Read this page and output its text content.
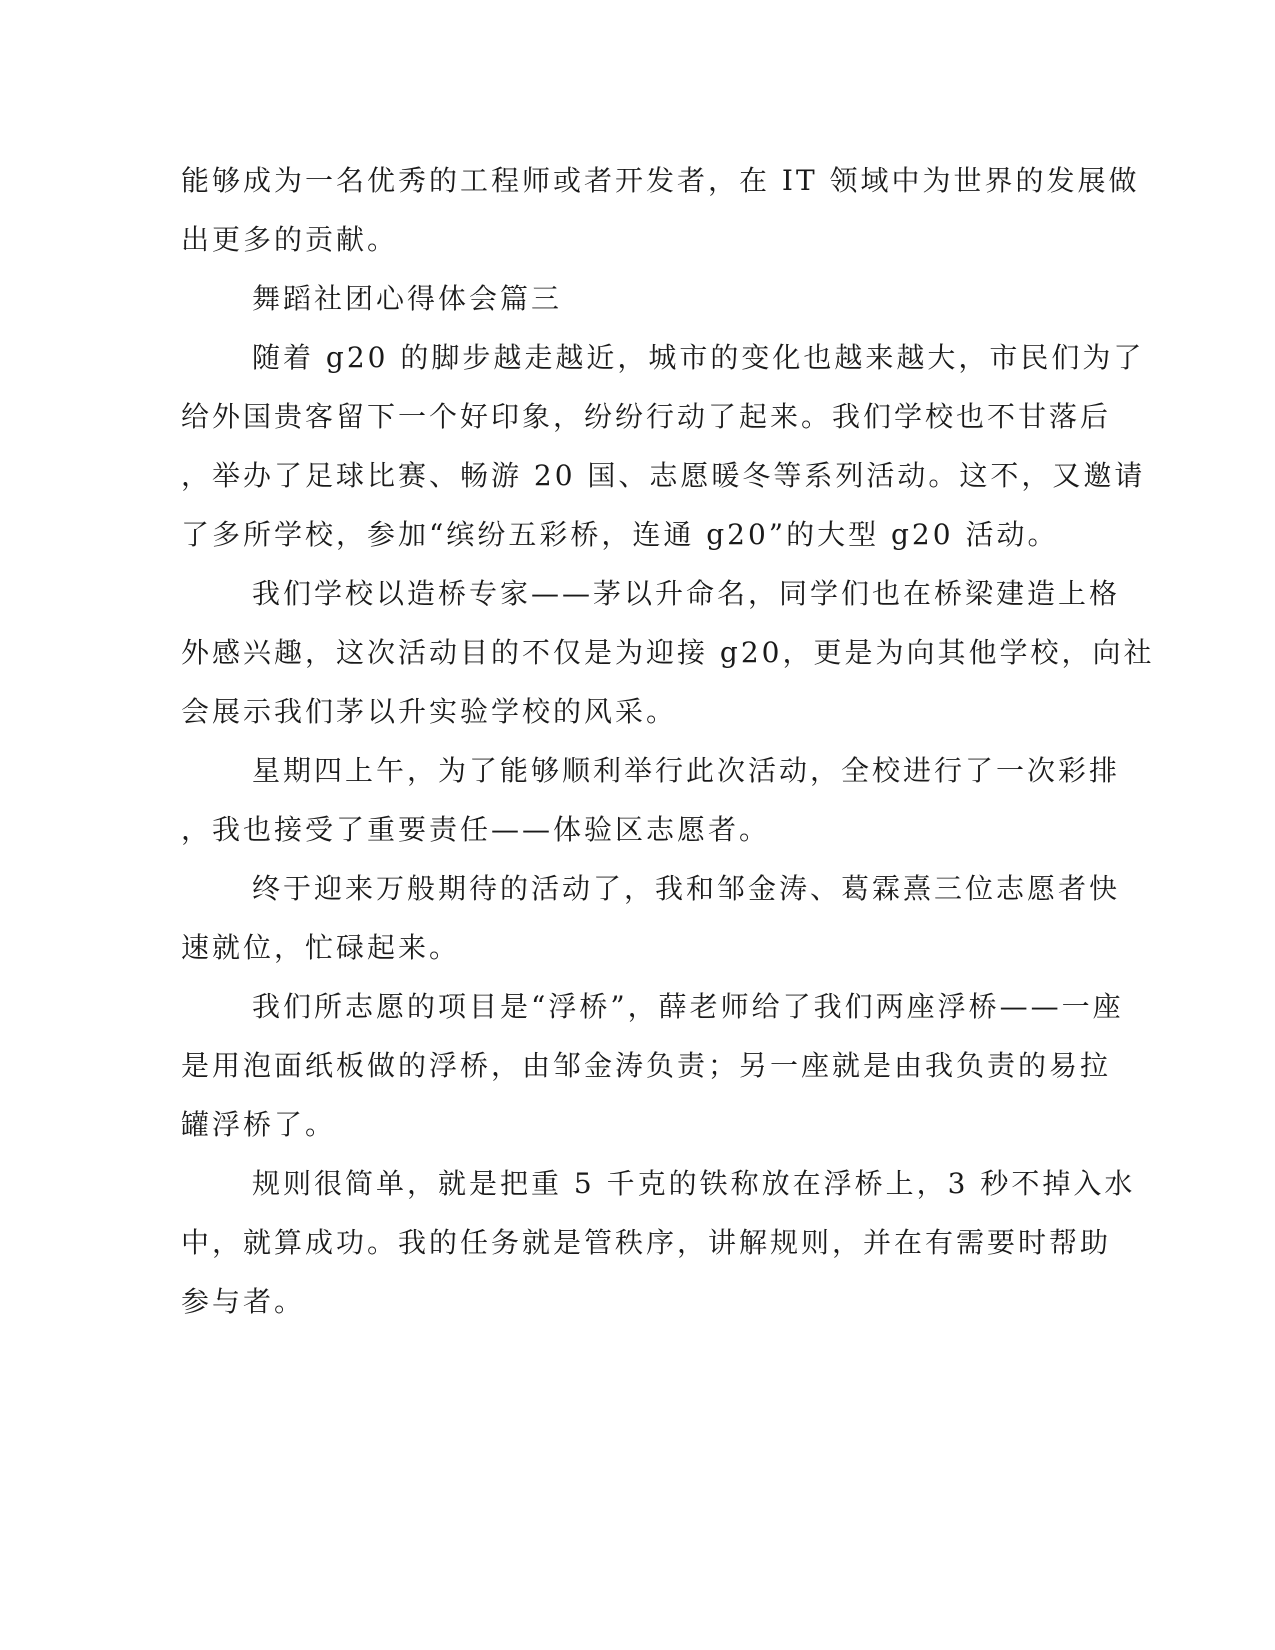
能够成为一名优秀的工程师或者开发者，在 IT 领域中为世界的发展做

出更多的贡献。

舞蹈社团心得体会篇三

随着 g20 的脚步越走越近，城市的变化也越来越大，市民们为了

给外国贵客留下一个好印象，纷纷行动了起来。我们学校也不甘落后

，举办了足球比赛、畅游 20 国、志愿暖冬等系列活动。这不，又邀请

了多所学校，参加“缤纷五彩桥，连通 g20”的大型 g20 活动。

我们学校以造桥专家——茅以升命名，同学们也在桥梁建造上格

外感兴趣，这次活动目的不仅是为迎接 g20，更是为向其他学校，向社

会展示我们茅以升实验学校的风采。

星期四上午，为了能够顺利举行此次活动，全校进行了一次彩排

，我也接受了重要责任——体验区志愿者。

终于迎来万般期待的活动了，我和邹金涛、葛霖熹三位志愿者快

速就位，忙碌起来。

我们所志愿的项目是“浮桥”，薛老师给了我们两座浮桥——一座

是用泡面纸板做的浮桥，由邹金涛负责；另一座就是由我负责的易拉

罐浮桥了。

规则很简单，就是把重 5 千克的铁称放在浮桥上，3 秒不掉入水

中，就算成功。我的任务就是管秩序，讲解规则，并在有需要时帮助

参与者。
